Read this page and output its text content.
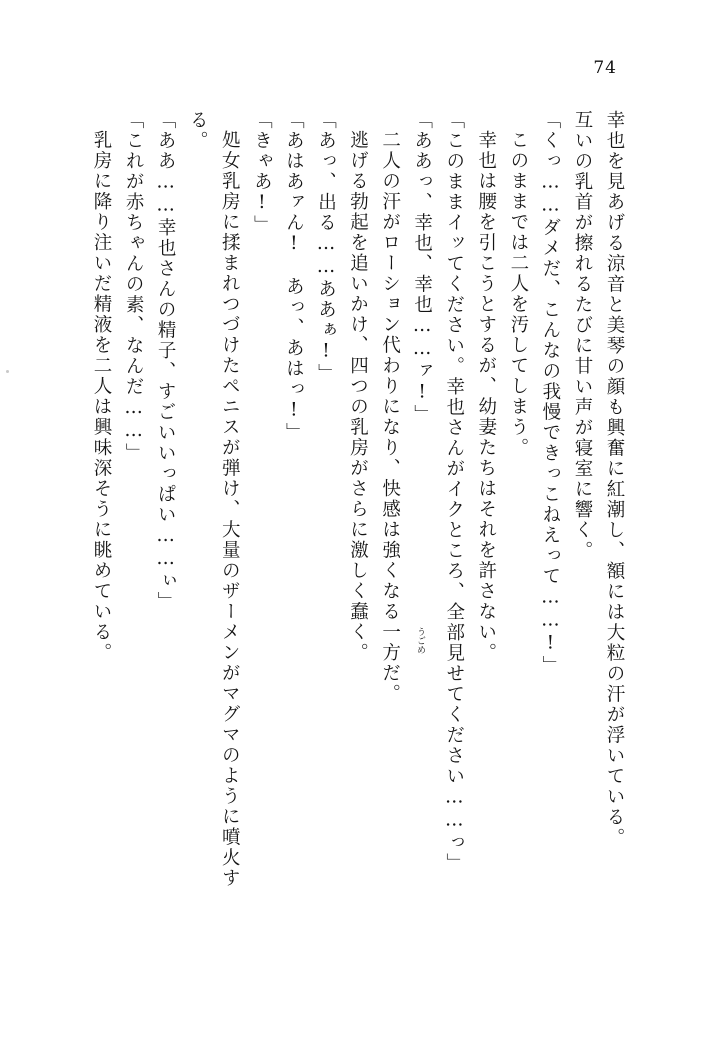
74
幸也を見あげる涼音と美琴の顔も興奮に紅潮し、額には大粒の汗が浮いている。
互いの乳首が擦れるたびに甘い声が寝室に響く。
「くっ……ダメだ、こんなの我慢できっこねえって……!」
このままでは二人を汚してしまう。
幸也は腰を引こうとするが、幼妻たちはそれを許さない。
「このままイッてください。幸也さんがイクところ、全部見せてください……っ」
「ああっ、幸也、幸也……ァ!」
二人の汗がローション代わりになり、快感は強くなる一方だ。
逃げる勃起を追いかけ、四つの乳房がさらに激しく蠢く。
「あっ、出る……ああぁ!」
「あはあァん!　あっ、あはっ!」
「きゃあ!」
処女乳房に揉まれつづけたペニスが弾け、大量のザーメンがマグマのように噴火す
る。
「ああ……幸也さんの精子、すごいいっぱい……ぃ」
「これが赤ちゃんの素、なんだ……」
乳房に降り注いだ精液を二人は興味深そうに眺めている。	うごめ
